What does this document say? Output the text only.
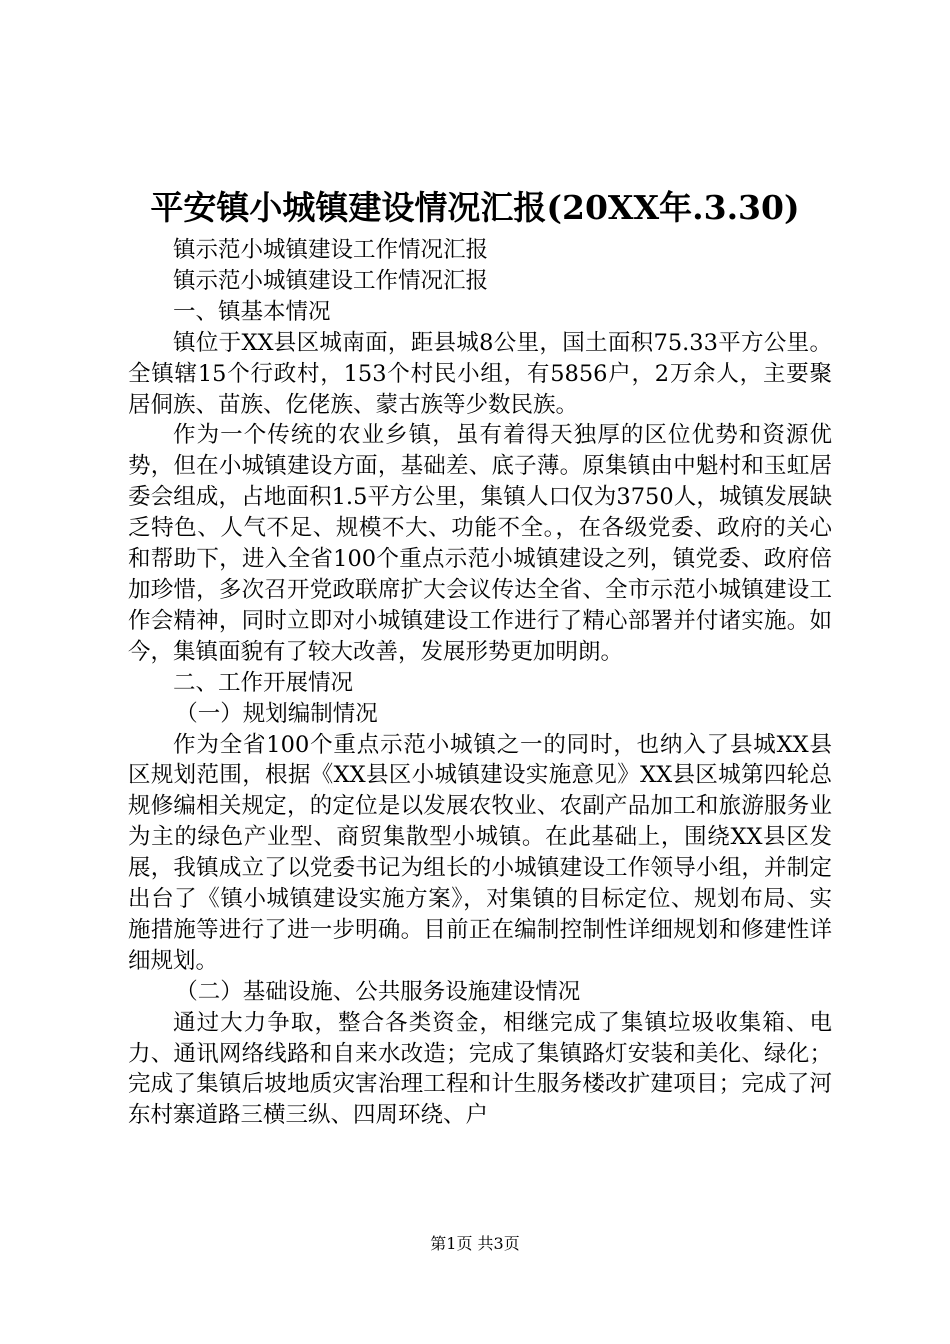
平安镇小城镇建设情况汇报(20XX年.3.30)

镇示范小城镇建设工作情况汇报

镇示范小城镇建设工作情况汇报

一、镇基本情况

镇位于XX县区城南面，距县城8公里，国土面积75.33平方公里。全镇辖15个行政村，153个村民小组，有5856户，2万余人，主要聚居侗族、苗族、仡佬族、蒙古族等少数民族。

作为一个传统的农业乡镇，虽有着得天独厚的区位优势和资源优势，但在小城镇建设方面，基础差、底子薄。原集镇由中魁村和玉虹居委会组成，占地面积1.5平方公里，集镇人口仅为3750人，城镇发展缺乏特色、人气不足、规模不大、功能不全。，在各级党委、政府的关心和帮助下，进入全省100个重点示范小城镇建设之列，镇党委、政府倍加珍惜，多次召开党政联席扩大会议传达全省、全市示范小城镇建设工作会精神，同时立即对小城镇建设工作进行了精心部署并付诸实施。如今，集镇面貌有了较大改善，发展形势更加明朗。

二、工作开展情况

（一）规划编制情况

作为全省100个重点示范小城镇之一的同时，也纳入了县城XX县区规划范围，根据《XX县区小城镇建设实施意见》XX县区城第四轮总规修编相关规定，的定位是以发展农牧业、农副产品加工和旅游服务业为主的绿色产业型、商贸集散型小城镇。在此基础上，围绕XX县区发展，我镇成立了以党委书记为组长的小城镇建设工作领导小组，并制定出台了《镇小城镇建设实施方案》，对集镇的目标定位、规划布局、实施措施等进行了进一步明确。目前正在编制控制性详细规划和修建性详细规划。

（二）基础设施、公共服务设施建设情况

通过大力争取，整合各类资金，相继完成了集镇垃圾收集箱、电力、通讯网络线路和自来水改造；完成了集镇路灯安装和美化、绿化；完成了集镇后坡地质灾害治理工程和计生服务楼改扩建项目；完成了河东村寨道路三横三纵、四周环绕、户

第1页 共3页
